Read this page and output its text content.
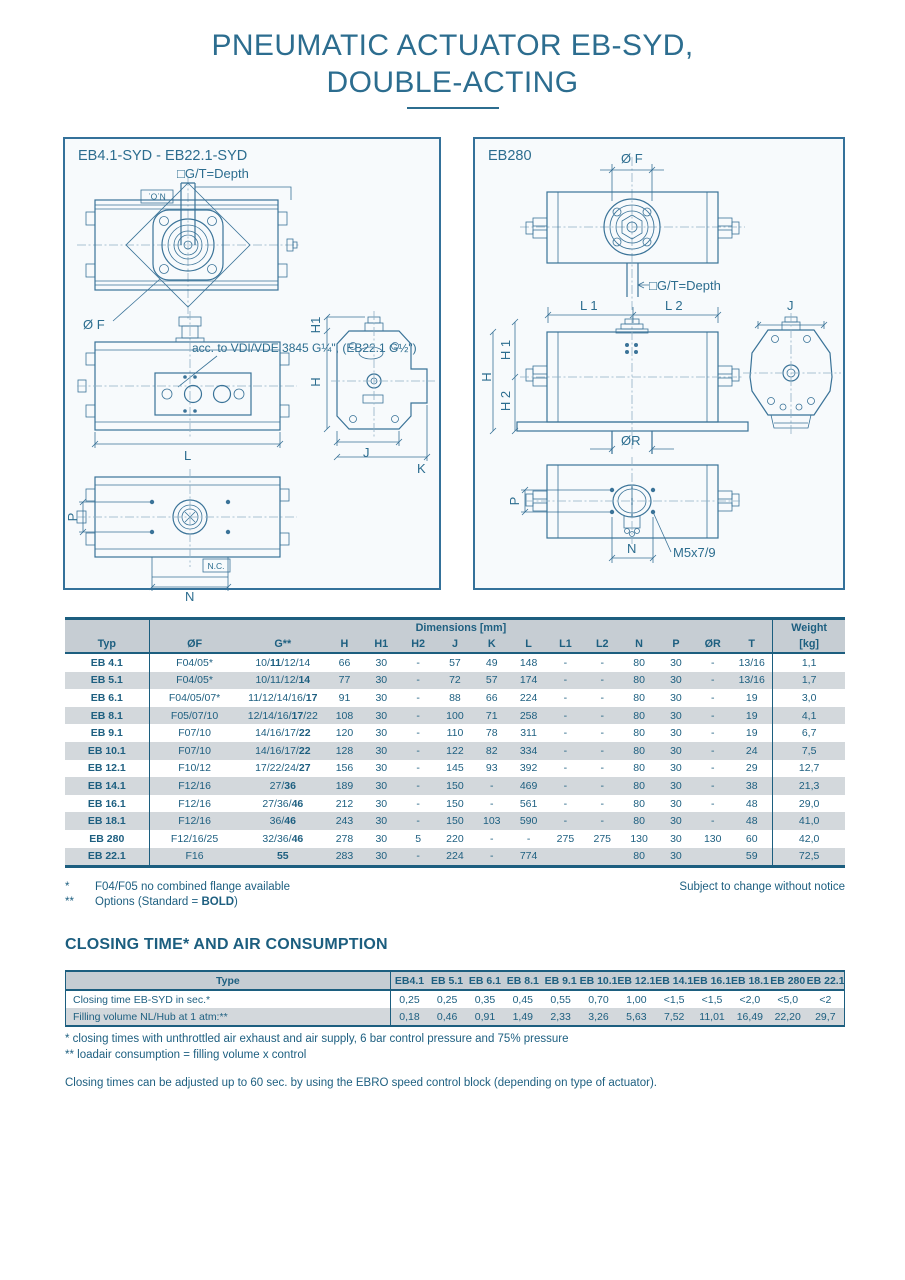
PNEUMATIC ACTUATOR EB-SYD,
DOUBLE-ACTING
EB4.1-SYD - EB22.1-SYD
N.O.
Ø F
□G/T=Depth
acc. to VDI/VDE 3845 G¼", (EB22.1 G½")
L
H1
H
J
K
P
N
N.C.
EB280	Ø F
□G/T=Depth
L 1	L 2	J
H 1
H 2
H
ØR
P
N	M5x7/9
	Dimensions [mm]														Weight
Typ	ØF	G**	H	H1	H2	J	K	L	L1	L2	N	P	ØR	T	[kg]
EB 4.1	F04/05*	10/11/12/14	66	30	-	57	49	148	-	-	80	30	-	13/16	1,1
EB 5.1	F04/05*	10/11/12/14	77	30	-	72	57	174	-	-	80	30	-	13/16	1,7
EB 6.1	F04/05/07*	11/12/14/16/17	91	30	-	88	66	224	-	-	80	30	-	19	3,0
EB 8.1	F05/07/10	12/14/16/17/22	108	30	-	100	71	258	-	-	80	30	-	19	4,1
EB 9.1	F07/10	14/16/17/22	120	30	-	110	78	311	-	-	80	30	-	19	6,7
EB 10.1	F07/10	14/16/17/22	128	30	-	122	82	334	-	-	80	30	-	24	7,5
EB 12.1	F10/12	17/22/24/27	156	30	-	145	93	392	-	-	80	30	-	29	12,7
EB 14.1	F12/16	27/36	189	30	-	150	-	469	-	-	80	30	-	38	21,3
EB 16.1	F12/16	27/36/46	212	30	-	150	-	561	-	-	80	30	-	48	29,0
EB 18.1	F12/16	36/46	243	30	-	150	103	590	-	-	80	30	-	48	41,0
EB 280	F12/16/25	32/36/46	278	30	5	220	-	-	275	275	130	30	130	60	42,0
EB 22.1	F16	55	283	30	-	224	-	774			80	30		59	72,5
Subject to change without notice
*	F04/F05 no combined flange available
**	Options (Standard = BOLD)
CLOSING TIME* AND AIR CONSUMPTION
Type	EB4.1	EB 5.1	EB 6.1	EB 8.1	EB 9.1	EB 10.1	EB 12.1	EB 14.1	EB 16.1	EB 18.1	EB 280	EB 22.1
Closing time EB-SYD in sec.*	0,25	0,25	0,35	0,45	0,55	0,70	1,00	<1,5	<1,5	<2,0	<5,0	<2
Filling volume NL/Hub at 1 atm:**	0,18	0,46	0,91	1,49	2,33	3,26	5,63	7,52	11,01	16,49	22,20	29,7
* closing times with unthrottled air exhaust and air supply, 6 bar control pressure and 75% pressure
** loadair consumption = filling volume x control
Closing times can be adjusted up to 60 sec. by using the EBRO speed control block (depending on type of actuator).
